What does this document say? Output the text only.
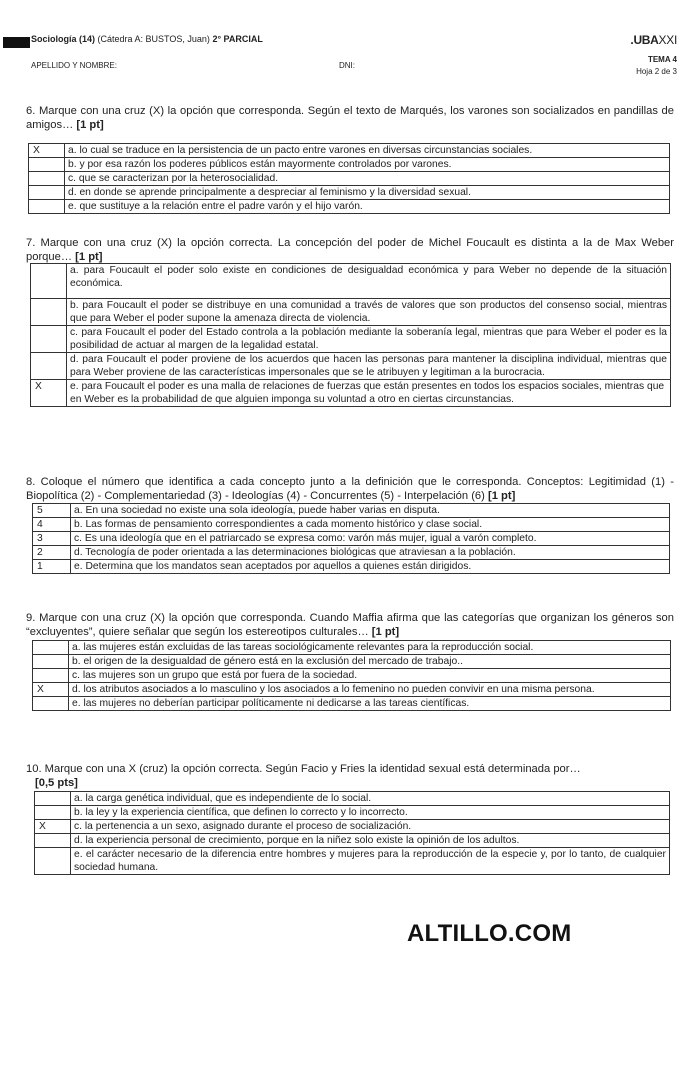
Sociología (14) (Cátedra A: BUSTOS, Juan) 2° PARCIAL	.UBAXXI
APELLIDO Y NOMBRE:	DNI:
TEMA 4
Hoja 2 de 3
6. Marque con una cruz (X) la opción que corresponda. Según el texto de Marqués, los varones son socializados en pandillas de amigos… [1 pt]
X	a. lo cual se traduce en la persistencia de un pacto entre varones en diversas circunstancias sociales.
	b. y por esa razón los poderes públicos están mayormente controlados por varones.
	c. que se caracterizan por la heterosocialidad.
	d. en donde se aprende principalmente a despreciar al feminismo y la diversidad sexual.
	e. que sustituye a la relación entre el padre varón y el hijo varón.
7. Marque con una cruz (X) la opción correcta. La concepción del poder de Michel Foucault es distinta a la de Max Weber porque… [1 pt]
	a. para Foucault el poder solo existe en condiciones de desigualdad económica y para Weber no depende de la situación económica.
	b. para Foucault el poder se distribuye en una comunidad a través de valores que son productos del consenso social, mientras que para Weber el poder supone la amenaza directa de violencia.
	c. para Foucault el poder del Estado controla a la población mediante la soberanía legal, mientras que para Weber el poder es la posibilidad de actuar al margen de la legalidad estatal.
	d. para Foucault el poder proviene de los acuerdos que hacen las personas para mantener la disciplina individual, mientras que para Weber proviene de las características impersonales que se le atribuyen y legitiman a la burocracia.
X	e. para Foucault el poder es una malla de relaciones de fuerzas que están presentes en todos los espacios sociales, mientras que en Weber es la probabilidad de que alguien imponga su voluntad a otro en ciertas circunstancias.
8. Coloque el número que identifica a cada concepto junto a la definición que le corresponda. Conceptos: Legitimidad (1) - Biopolítica (2) - Complementariedad (3) - Ideologías (4) - Concurrentes (5) - Interpelación (6) [1 pt]
5	a. En una sociedad no existe una sola ideología, puede haber varias en disputa.
4	b. Las formas de pensamiento correspondientes a cada momento histórico y clase social.
3	c. Es una ideología que en el patriarcado se expresa como: varón más mujer, igual a varón completo.
2	d. Tecnología de poder orientada a las determinaciones biológicas que atraviesan a la población.
1	e. Determina que los mandatos sean aceptados por aquellos a quienes están dirigidos.
9. Marque con una cruz (X) la opción que corresponda. Cuando Maffia afirma que las categorías que organizan los géneros son “excluyentes”, quiere señalar que según los estereotipos culturales… [1 pt]
	a. las mujeres están excluidas de las tareas sociológicamente relevantes para la reproducción social.
	b. el origen de la desigualdad de género está en la exclusión del mercado de trabajo..
	c. las mujeres son un grupo que está por fuera de la sociedad.
X	d. los atributos asociados a lo masculino y los asociados a lo femenino no pueden convivir en una misma persona.
	e. las mujeres no deberían participar políticamente ni dedicarse a las tareas científicas.
10. Marque con una X (cruz) la opción correcta. Según Facio y Fries la identidad sexual está determinada por…
[0,5 pts]
	a. la carga genética individual, que es independiente de lo social.
	b. la ley y la experiencia científica, que definen lo correcto y lo incorrecto.
X	c. la pertenencia a un sexo, asignado durante el proceso de socialización.
	d. la experiencia personal de crecimiento, porque en la niñez solo existe la opinión de los adultos.
	e. el carácter necesario de la diferencia entre hombres y mujeres para la reproducción de la especie y, por lo tanto, de cualquier sociedad humana.
ALTILLO.COM
